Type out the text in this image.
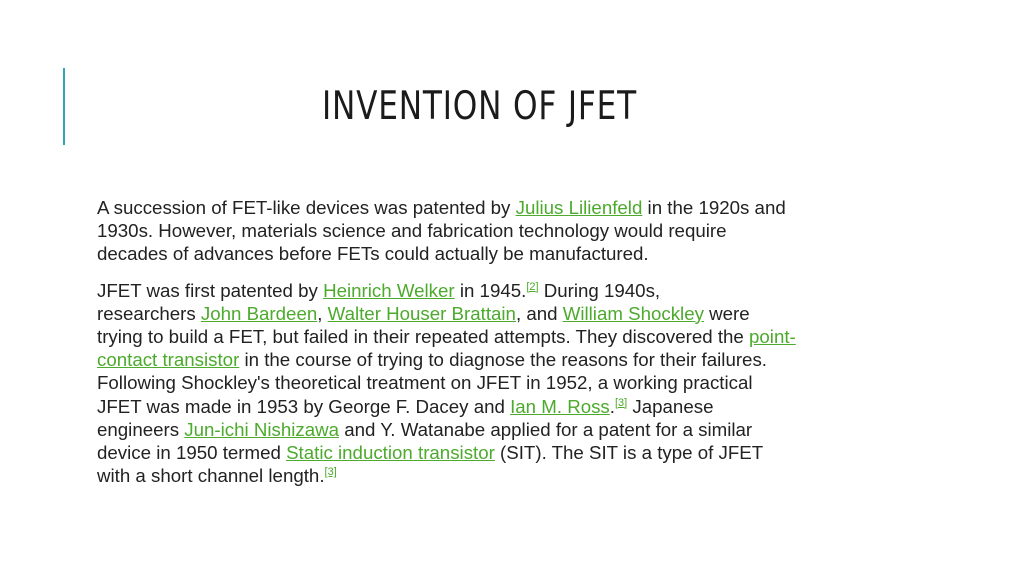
INVENTION OF JFET

A succession of FET-like devices was patented by Julius Lilienfeld in the 1920s and
1930s. However, materials science and fabrication technology would require
decades of advances before FETs could actually be manufactured.

JFET was first patented by Heinrich Welker in 1945.[2] During 1940s,
researchers John Bardeen, Walter Houser Brattain, and William Shockley were
trying to build a FET, but failed in their repeated attempts. They discovered the point-
contact transistor in the course of trying to diagnose the reasons for their failures.
Following Shockley's theoretical treatment on JFET in 1952, a working practical
JFET was made in 1953 by George F. Dacey and Ian M. Ross.[3] Japanese
engineers Jun-ichi Nishizawa and Y. Watanabe applied for a patent for a similar
device in 1950 termed Static induction transistor (SIT). The SIT is a type of JFET
with a short channel length.[3]
